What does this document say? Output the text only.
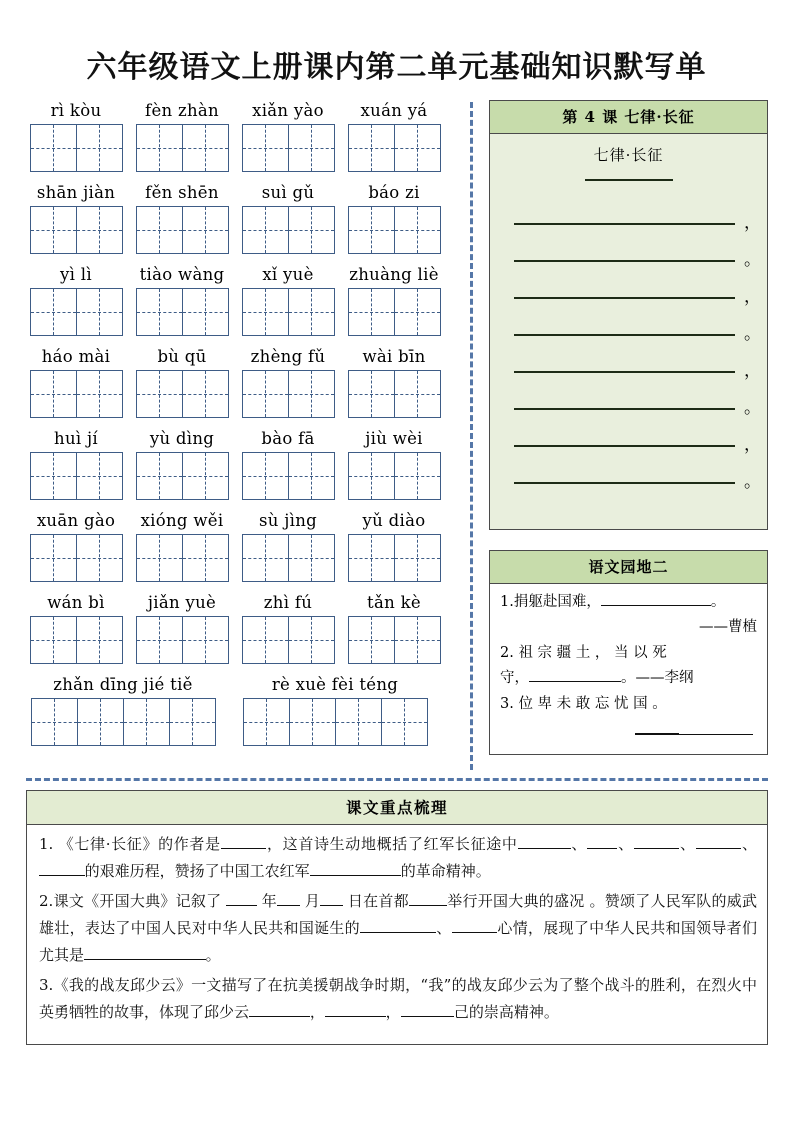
六年级语文上册课内第二单元基础知识默写单
rì kòu	fèn zhàn	xiǎn yào	xuán yá
shān jiàn	fěn shēn	suì gǔ	báo zi
yì lì	tiào wàng	xǐ yuè	zhuàng liè
háo mài	bù qū	zhèng fǔ	wài bīn
huì jí	yù dìng	bào fā	jiù wèi
xuān gào	xióng wěi	sù jìng	yǔ diào
wán bì	jiǎn yuè	zhì fú	tǎn kè
zhǎn dīng jié tiě	rè xuè fèi téng
第 4 课 七律·长征
七律·长征
，
。
，
。
，
。
，
。
语文园地二
1.捐躯赴国难，	。
——曹植
2. 祖 宗 疆 土 ， 当 以 死
守，	。——李纲
3. 位 卑 未 敢 忘 忧 国 。
课文重点梳理

1. 《七律·长征》的作者是	，这首诗生动地概括了红军长征途中	、 、	、	、的艰难历程，赞扬了中国工农红军	的革命精神。

2.课文《开国大典》记叙了  年 月 日在首都	举行开国大典的盛况 。赞颂了人民军队的威武雄壮，表达了中国人民对中华人民共和国诞生的	、	心情，展现了中华人民共和国领导者们尤其是	。

3.《我的战友邱少云》一文描写了在抗美援朝战争时期，“我”的战友邱少云为了整个战斗的胜利，在烈火中英勇牺牲的故事，体现了邱少云	，	，	己的崇高精神。
